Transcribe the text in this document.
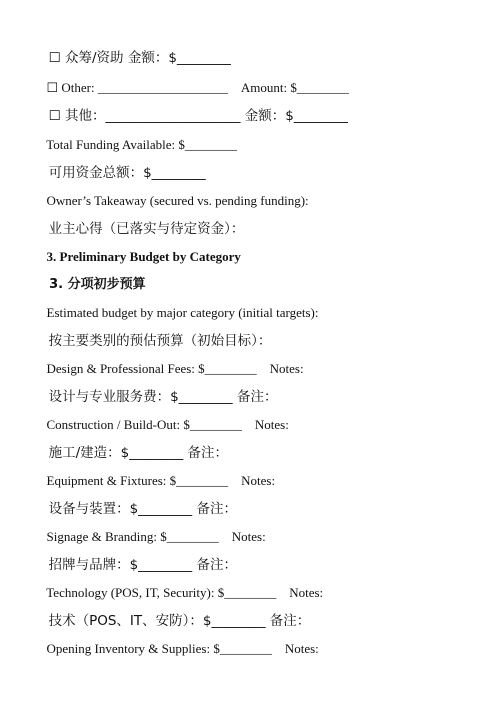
☐ 众筹/资助 金额：$________

☐ Other: ____________________ Amount: $________

☐ 其他：____________________ 金额：$________

Total Funding Available: $________

可用资金总额：$________

Owner’s Takeaway (secured vs. pending funding):

业主心得（已落实与待定资金）：

3. Preliminary Budget by Category

3. 分项初步预算

Estimated budget by major category (initial targets):

按主要类别的预估预算（初始目标）：

Design & Professional Fees: $________ Notes:

设计与专业服务费：$________ 备注：

Construction / Build-Out: $________ Notes:

施工/建造：$________ 备注：

Equipment & Fixtures: $________ Notes:

设备与装置：$________ 备注：

Signage & Branding: $________ Notes:

招牌与品牌：$________ 备注：

Technology (POS, IT, Security): $________ Notes:

技术（POS、IT、安防）：$________ 备注：

Opening Inventory & Supplies: $________ Notes:
